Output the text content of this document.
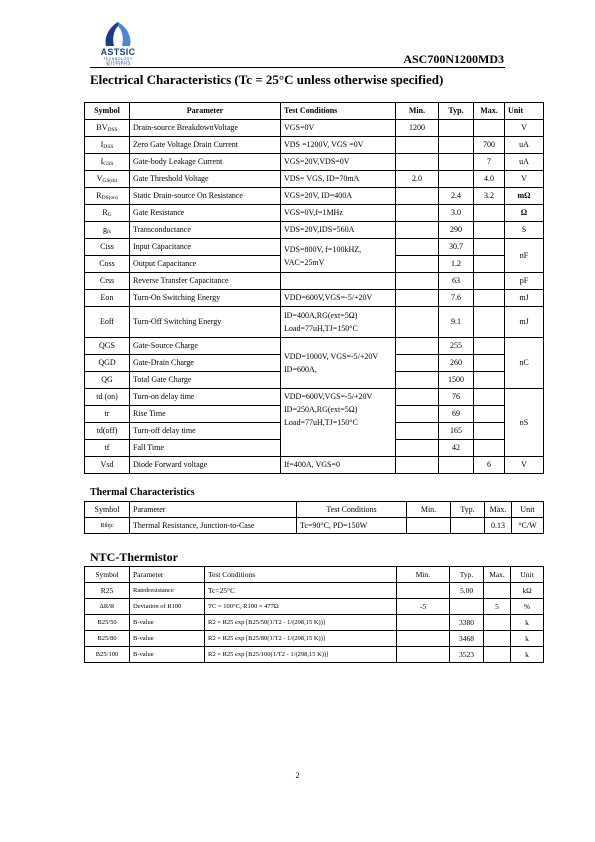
ASTSIC
TECHNOLOGY
爱仕特科技	ASC700N1200MD3
Electrical Characteristics (Tc = 25°C unless otherwise specified)
Symbol	Parameter	Test Conditions	Min.	Typ.	Max.	Unit
$BV_{DSS}$	Drain-source BreakdownVoltage	VGS=0V	1200			V
$I_{DSS}$	Zero Gate Voltage Drain Current	VDS =1200V, VGS =0V			700	uA
$I_{GSS}$	Gate-body Leakage Current	VGS=20V,VDS=0V			7	uA
$V_{GS(th)}$	Gate Threshold Voltage	VDS= VGS, ID=70mA	2.0		4.0	V
$R_{DS(on)}$	Static Drain-source On Resistance	VGS=20V, ID=400A		2.4	3.2	mΩ
$R_G$	Gate Resistance	VGS=0V,f=1MHz		3.0		Ω
$g_{fs}$	Transconductance	VDS=20V,IDS=560A		290		S
Ciss	Input Capacitance	VDS=800V, f=100kHZ,
VAC=25mV		30.7		nF
Coss	Output Capacitance			1.2		
Crss	Reverse Transfer Capacitance			63		pF
Eon	Turn-On Switching Energy	VDD=600V,VGS=-5/+20V		7.6		mJ
Eoff	Turn-Off Switching Energy	ID=400A,RG(ext=5Ω)
Load=77uH,TJ=150°C		9.1		mJ
QGS	Gate-Source Charge	VDD=1000V, VGS=-5/+20V
ID=600A,		255		nC
QGD	Gate-Drain Charge			260		
QG	Total Gate Charge			1500		
td (on)	Turn-on delay time	VDD=600V,VGS=-5/+20V
ID=250A,RG(ext=5Ω)
Load=77uH,TJ=150°C		76		nS
tr	Rise Time			69		
td(off)	Turn-off delay time			165		
tf	Fall Time			42		
Vsd	Diode Forward voltage	If=400A, VGS=0			6	V
Thermal Characteristics
Symbol	Parameter	Test Conditions	Min.	Typ.	Max.	Unit
Rthjc	Thermal Resistance, Junction-to-Case	Tc=90°C, PD=150W			0.13	°C/W
NTC-Thermistor
Symbol	Parameter	Test Conditions	Min.	Typ.	Max.	Unit
R25	Ratedresistance	Tc=25°C		5.00		kΩ
ΔR/R	Deviation of R100	TC = 100°C, R100 = 477Ω	-5		5	%
B25/50	B-value	R2 = R25 exp [B25/50(1/T2 - 1/(298,15 K))]		3380		k
B25/80	B-value	R2 = R25 exp [B25/80(1/T2 - 1/(298,15 K))]		3468		k
B25/100	B-value	R2 = R25 exp [B25/100(1/T2 - 1/(298,15 K))]		3523		k
2
